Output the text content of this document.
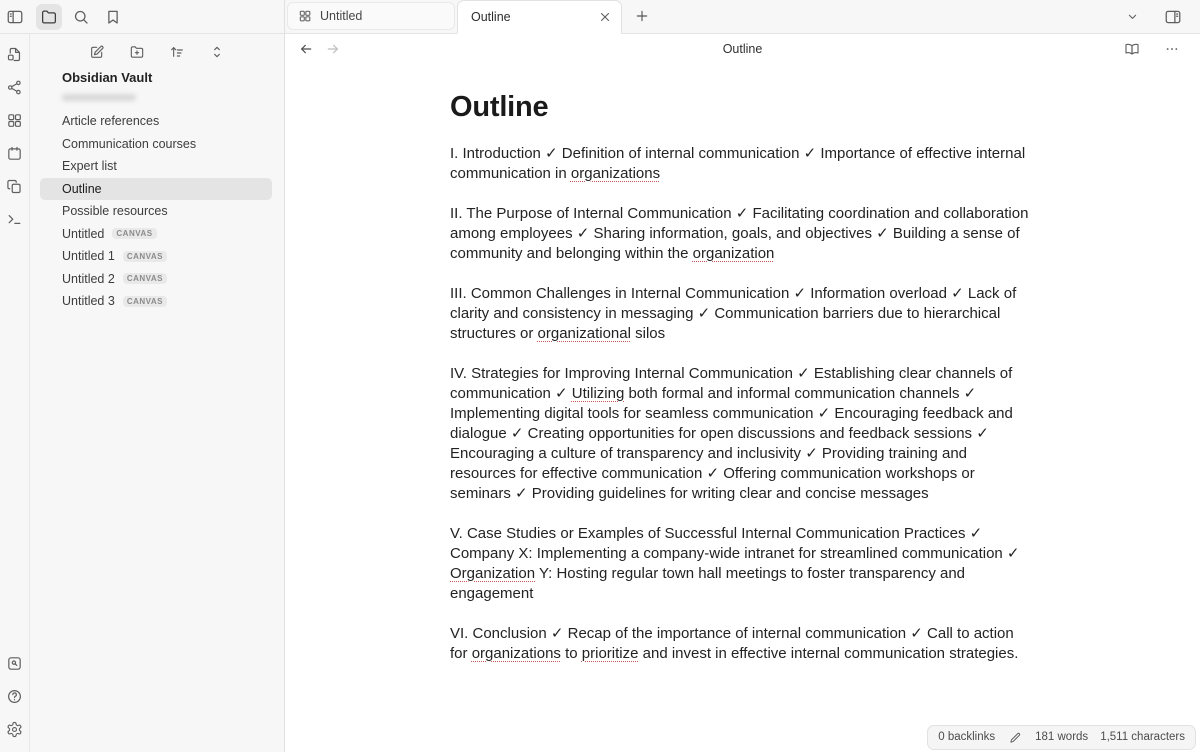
Obsidian Vault
Article references
Communication courses
Expert list
Outline
Possible resources
Untitled	CANVAS
Untitled 1	CANVAS
Untitled 2	CANVAS
Untitled 3	CANVAS
Untitled	Outline
Outline
Outline

I. Introduction ✓ Definition of internal communication ✓ Importance of effective internal communication in organizations

II. The Purpose of Internal Communication ✓ Facilitating coordination and collaboration among employees ✓ Sharing information, goals, and objectives ✓ Building a sense of community and belonging within the organization

III. Common Challenges in Internal Communication ✓ Information overload ✓ Lack of clarity and consistency in messaging ✓ Communication barriers due to hierarchical structures or organizational silos

IV. Strategies for Improving Internal Communication ✓ Establishing clear channels of communication ✓ Utilizing both formal and informal communication channels ✓ Implementing digital tools for seamless communication ✓ Encouraging feedback and dialogue ✓ Creating opportunities for open discussions and feedback sessions ✓ Encouraging a culture of transparency and inclusivity ✓ Providing training and resources for effective communication ✓ Offering communication workshops or seminars ✓ Providing guidelines for writing clear and concise messages

V. Case Studies or Examples of Successful Internal Communication Practices ✓ Company X: Implementing a company-wide intranet for streamlined communication ✓ Organization Y: Hosting regular town hall meetings to foster transparency and engagement

VI. Conclusion ✓ Recap of the importance of internal communication ✓ Call to action for organizations to prioritize and invest in effective internal communication strategies.

0 backlinks	181 words 1,511 characters
